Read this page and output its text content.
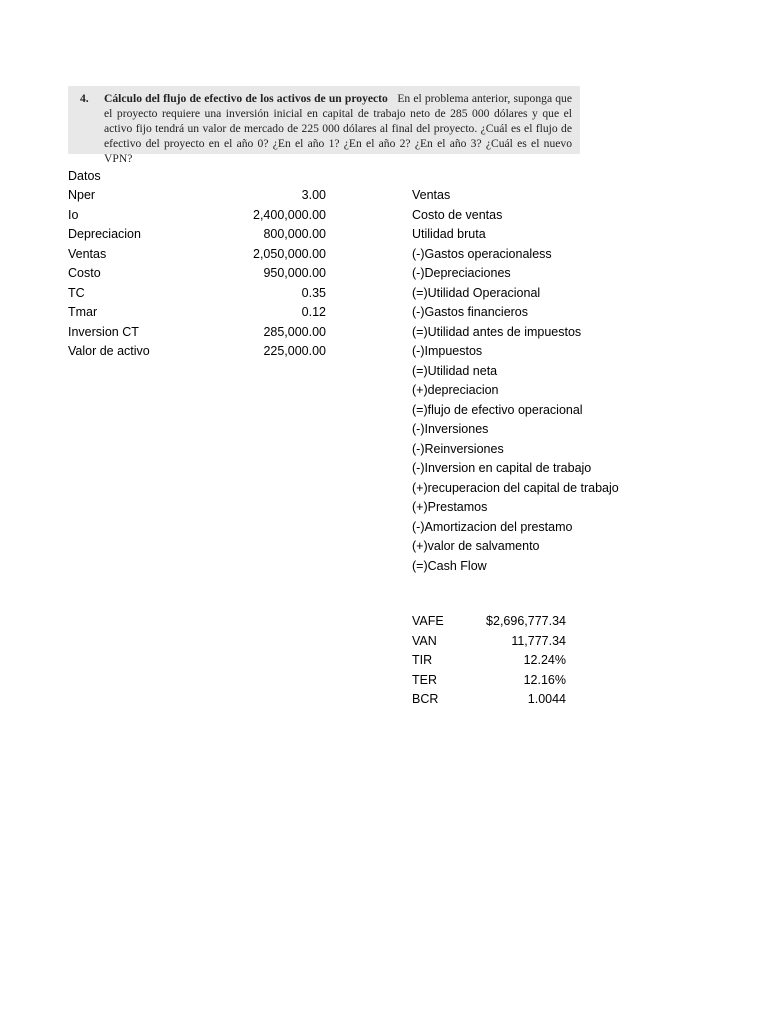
4. Cálculo del flujo de efectivo de los activos de un proyecto En el problema anterior, suponga que el proyecto requiere una inversión inicial en capital de trabajo neto de 285 000 dólares y que el activo fijo tendrá un valor de mercado de 225 000 dólares al final del proyecto. ¿Cuál es el flujo de efectivo del proyecto en el año 0? ¿En el año 1? ¿En el año 2? ¿En el año 3? ¿Cuál es el nuevo VPN?
Datos
Nper	3.00
Io	2,400,000.00
Depreciacion	800,000.00
Ventas	2,050,000.00
Costo	950,000.00
TC	0.35
Tmar	0.12
Inversion CT	285,000.00
Valor de activo	225,000.00
Ventas
Costo de ventas
Utilidad bruta
(-)Gastos operacionaless
(-)Depreciaciones
(=)Utilidad Operacional
(-)Gastos financieros
(=)Utilidad antes de impuestos
(-)Impuestos
(=)Utilidad neta
(+)depreciacion
(=)flujo de efectivo operacional
(-)Inversiones
(-)Reinversiones
(-)Inversion en capital de trabajo
(+)recuperacion del capital de trabajo
(+)Prestamos
(-)Amortizacion del prestamo
(+)valor de salvamento
(=)Cash Flow
VAFE	$2,696,777.34
VAN	11,777.34
TIR	12.24%
TER	12.16%
BCR	1.0044
